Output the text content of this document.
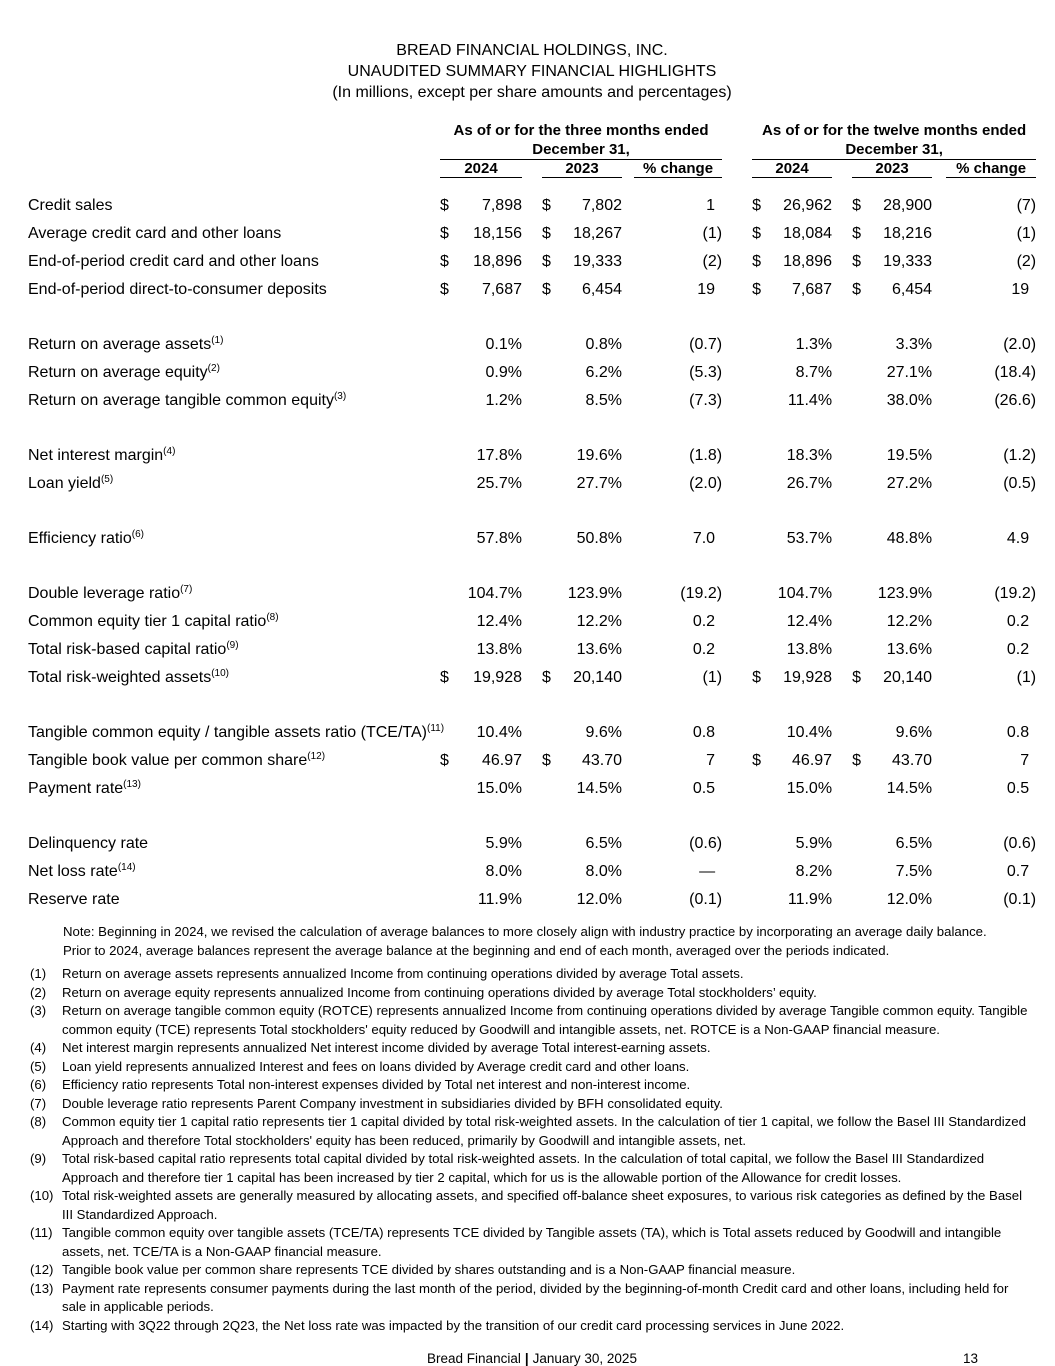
BREAD FINANCIAL HOLDINGS, INC.
UNAUDITED SUMMARY FINANCIAL HIGHLIGHTS
(In millions, except per share amounts and percentages)

As of or for the three months ended
December 31,

As of or for the twelve months ended
December 31,

	2024			2023			% change		2024			2023			% change

Credit sales	$	7,898		$	7,802		1		$	26,962		$	28,900		(7)
Average credit card and other loans	$	18,156		$	18,267		(1)		$	18,084		$	18,216		(1)
End-of-period credit card and other loans	$	18,896		$	19,333		(2)		$	18,896		$	19,333		(2)
End-of-period direct-to-consumer deposits	$	7,687		$	6,454		19		$	7,687		$	6,454		19

Return on average assets$^{(1)}$		0.1%			0.8%		(0.7)			1.3%			3.3%		(2.0)
Return on average equity$^{(2)}$		0.9%			6.2%		(5.3)			8.7%			27.1%		(18.4)
Return on average tangible common equity$^{(3)}$		1.2%			8.5%		(7.3)			11.4%			38.0%		(26.6)

Net interest margin$^{(4)}$		17.8%			19.6%		(1.8)			18.3%			19.5%		(1.2)
Loan yield$^{(5)}$		25.7%			27.7%		(2.0)			26.7%			27.2%		(0.5)

Efficiency ratio$^{(6)}$		57.8%			50.8%		7.0			53.7%			48.8%		4.9

Double leverage ratio$^{(7)}$		104.7%			123.9%		(19.2)			104.7%			123.9%		(19.2)
Common equity tier 1 capital ratio$^{(8)}$		12.4%			12.2%		0.2			12.4%			12.2%		0.2
Total risk-based capital ratio$^{(9)}$		13.8%			13.6%		0.2			13.8%			13.6%		0.2
Total risk-weighted assets$^{(10)}$	$	19,928		$	20,140		(1)		$	19,928		$	20,140		(1)

Tangible common equity / tangible assets ratio $(TCE/TA)^{(11)}$		10.4%			9.6%		0.8			10.4%			9.6%		0.8
Tangible book value per common share$^{(12)}$	$	46.97		$	43.70		7		$	46.97		$	43.70		7
Payment rate$^{(13)}$		15.0%			14.5%		0.5			15.0%			14.5%		0.5

Delinquency rate		5.9%			6.5%		(0.6)			5.9%			6.5%		(0.6)
Net loss rate$^{(14)}$		8.0%			8.0%		—			8.2%			7.5%		0.7
Reserve rate		11.9%			12.0%		(0.1)			11.9%			12.0%		(0.1)

Note: Beginning in 2024, we revised the calculation of average balances to more closely align with industry practice by incorporating an average daily balance. Prior to 2024, average balances represent the average balance at the beginning and end of each month, averaged over the periods indicated.

(1)	Return on average assets represents annualized Income from continuing operations divided by average Total assets.
(2)	Return on average equity represents annualized Income from continuing operations divided by average Total stockholders’ equity.
(3)	Return on average tangible common equity (ROTCE) represents annualized Income from continuing operations divided by average Tangible common equity. Tangible common equity (TCE) represents Total stockholders' equity reduced by Goodwill and intangible assets, net. ROTCE is a Non-GAAP financial measure.
(4)	Net interest margin represents annualized Net interest income divided by average Total interest-earning assets.
(5)	Loan yield represents annualized Interest and fees on loans divided by Average credit card and other loans.
(6)	Efficiency ratio represents Total non-interest expenses divided by Total net interest and non-interest income.
(7)	Double leverage ratio represents Parent Company investment in subsidiaries divided by BFH consolidated equity.
(8)	Common equity tier 1 capital ratio represents tier 1 capital divided by total risk-weighted assets. In the calculation of tier 1 capital, we follow the Basel III Standardized Approach and therefore Total stockholders' equity has been reduced, primarily by Goodwill and intangible assets, net.
(9)	Total risk-based capital ratio represents total capital divided by total risk-weighted assets. In the calculation of total capital, we follow the Basel III Standardized Approach and therefore tier 1 capital has been increased by tier 2 capital, which for us is the allowable portion of the Allowance for credit losses.
(10) Total risk-weighted assets are generally measured by allocating assets, and specified off-balance sheet exposures, to various risk categories as defined by the Basel III Standardized Approach.
(11) Tangible common equity over tangible assets (TCE/TA) represents TCE divided by Tangible assets (TA), which is Total assets reduced by Goodwill and intangible assets, net. TCE/TA is a Non-GAAP financial measure.
(12) Tangible book value per common share represents TCE divided by shares outstanding and is a Non-GAAP financial measure.
(13) Payment rate represents consumer payments during the last month of the period, divided by the beginning-of-month Credit card and other loans, including held for sale in applicable periods.
(14) Starting with 3Q22 through 2Q23, the Net loss rate was impacted by the transition of our credit card processing services in June 2022.
Bread Financial | January 30, 2025	13
